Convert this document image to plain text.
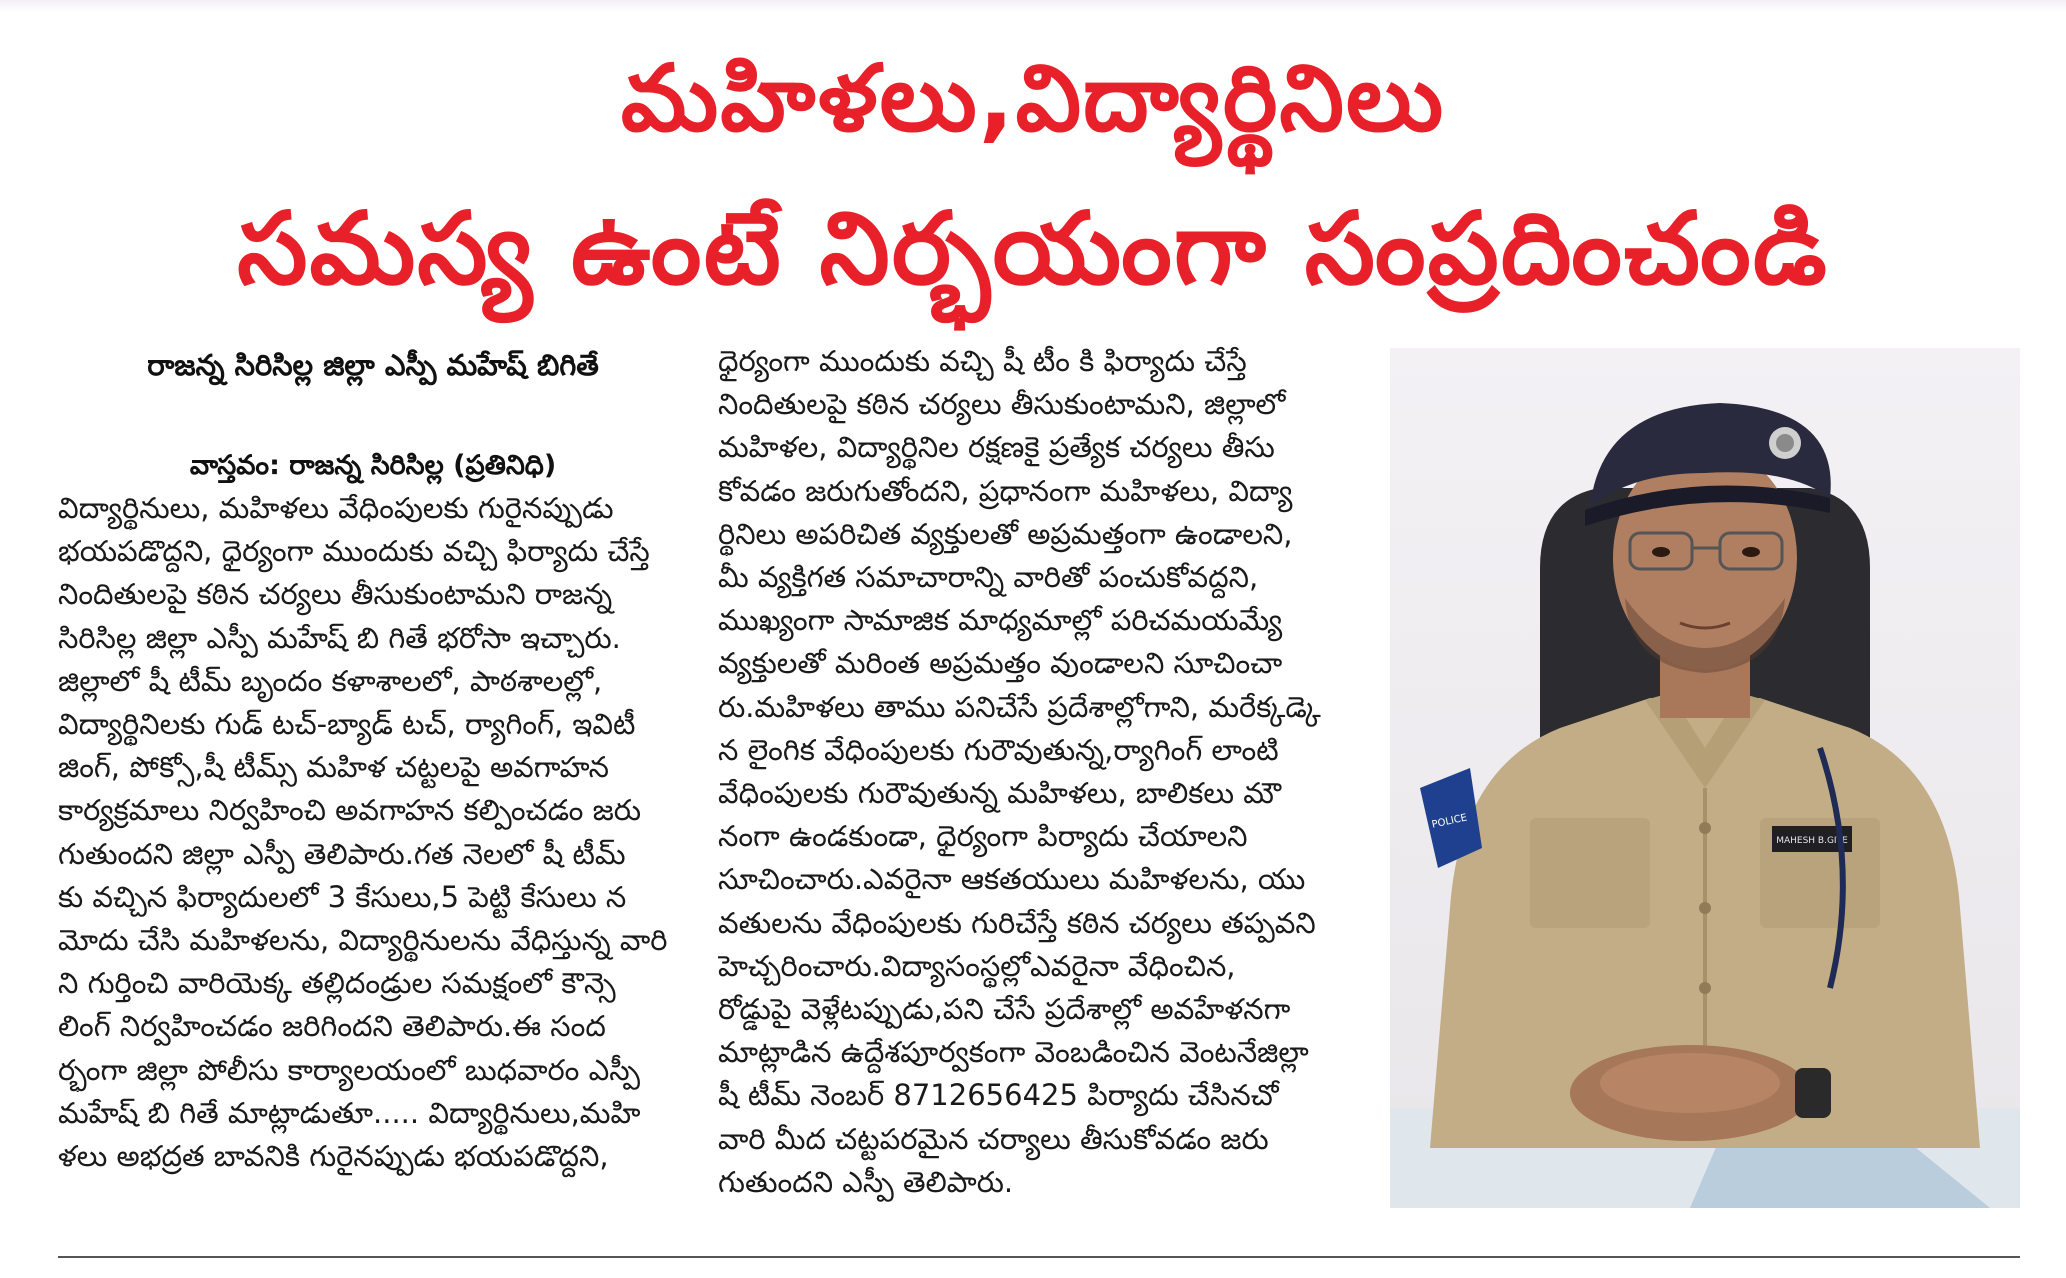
మహిళలు,విద్యార్థినిలు
సమస్య ఉంటే నిర్భయంగా సంప్రదించండి
రాజన్న సిరిసిల్ల జిల్లా ఎస్పీ మహేష్ బిగితే
వాస్తవం: రాజన్న సిరిసిల్ల (ప్రతినిధి)
విద్యార్థినులు, మహిళలు వేధింపులకు గురైనప్పుడు
భయపడొద్దని, ధైర్యంగా ముందుకు వచ్చి ఫిర్యాదు చేస్తే
నిందితులపై కఠిన చర్యలు తీసుకుంటామని రాజన్న
సిరిసిల్ల జిల్లా ఎస్పీ మహేష్ బి గితే భరోసా ఇచ్చారు.
జిల్లాలో షీ టీమ్ బృందం కళాశాలలో, పాఠశాలల్లో,
విద్యార్థినిలకు గుడ్ టచ్-బ్యాడ్ టచ్, ర్యాగింగ్, ఇవిటీ
జింగ్, పోక్సో,షీ టీమ్స్ మహిళ చట్టలపై అవగాహన
కార్యక్రమాలు నిర్వహించి అవగాహన కల్పించడం జరు
గుతుందని జిల్లా ఎస్పీ తెలిపారు.గత నెలలో షీ టీమ్
కు వచ్చిన ఫిర్యాదులలో 3 కేసులు,5 పెట్టి కేసులు న
మోదు చేసి మహిళలను, విద్యార్థినులను వేధిస్తున్న వారి
ని గుర్తించి వారియెక్క తల్లిదండ్రుల సమక్షంలో కౌన్సె
లింగ్ నిర్వహించడం జరిగిందని తెలిపారు.ఈ సంద
ర్భంగా జిల్లా పోలీసు కార్యాలయంలో బుధవారం ఎస్పీ
మహేష్ బి గితే మాట్లాడుతూ..... విద్యార్థినులు,మహి
ళలు అభద్రత బావనికి గురైనప్పుడు భయపడొద్దని,
ధైర్యంగా ముందుకు వచ్చి షీ టీం కి ఫిర్యాదు చేస్తే
నిందితులపై కఠిన చర్యలు తీసుకుంటామని, జిల్లాలో
మహిళల, విద్యార్థినిల రక్షణకై ప్రత్యేక చర్యలు తీసు
కోవడం జరుగుతోందని, ప్రధానంగా మహిళలు, విద్యా
ర్థినిలు అపరిచిత వ్యక్తులతో అప్రమత్తంగా ఉండాలని,
మీ వ్యక్తిగత సమాచారాన్ని వారితో పంచుకోవద్దని,
ముఖ్యంగా సామాజిక మాధ్యమాల్లో పరిచమయమ్యే
వ్యక్తులతో మరింత అప్రమత్తం వుండాలని సూచించా
రు.మహిళలు తాము పనిచేసే ప్రదేశాల్లోగాని, మరేక్కడ్కె
న లైంగిక వేధింపులకు గురౌవుతున్న,ర్యాగింగ్ లాంటి
వేధింపులకు గురౌవుతున్న మహిళలు, బాలికలు మౌ
నంగా ఉండకుండా, ధైర్యంగా పిర్యాదు చేయాలని
సూచించారు.ఎవరైనా ఆకతయులు మహిళలను, యు
వతులను వేధింపులకు గురిచేస్తే కఠిన చర్యలు తప్పవని
హెచ్చరించారు.విద్యాసంస్థల్లోఎవరైనా వేధించిన,
రోడ్డుపై వెళ్లేటప్పుడు,పని చేసే ప్రదేశాల్లో అవహేళనగా
మాట్లాడిన ఉద్దేశపూర్వకంగా వెంబడించిన వెంటనేజిల్లా
షీ టీమ్ నెంబర్ 8712656425 పిర్యాదు చేసినచో
వారి మీద చట్టపరమైన చర్యాలు తీసుకోవడం జరు
గుతుందని ఎస్పీ తెలిపారు.
MAHESH B.GITE
POLICE
